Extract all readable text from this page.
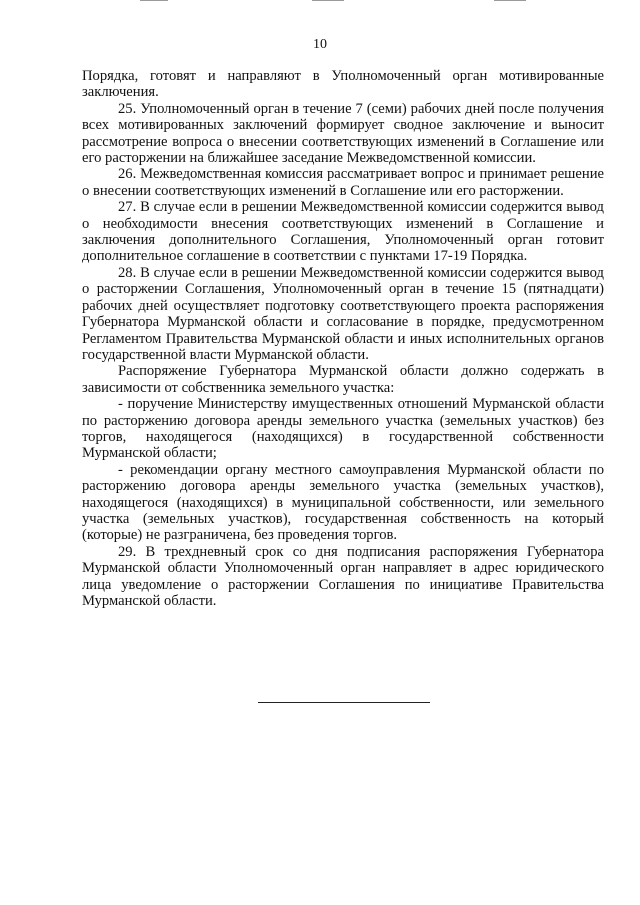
10

Порядка, готовят и направляют в Уполномоченный орган мотивированные заключения.

25. Уполномоченный орган в течение 7 (семи) рабочих дней после получения всех мотивированных заключений формирует сводное заключение и выносит рассмотрение вопроса о внесении соответствующих изменений в Соглашение или его расторжении на ближайшее заседание Межведомственной комиссии.

26. Межведомственная комиссия рассматривает вопрос и принимает решение о внесении соответствующих изменений в Соглашение или его расторжении.

27. В случае если в решении Межведомственной комиссии содержится вывод о необходимости внесения соответствующих изменений в Соглашение и заключения дополнительного Соглашения, Уполномоченный орган готовит дополнительное соглашение в соответствии с пунктами 17-19 Порядка.

28. В случае если в решении Межведомственной комиссии содержится вывод о расторжении Соглашения, Уполномоченный орган в течение 15 (пятнадцати) рабочих дней осуществляет подготовку соответствующего проекта распоряжения Губернатора Мурманской области и согласование в порядке, предусмотренном Регламентом Правительства Мурманской области и иных исполнительных органов государственной власти Мурманской области.

Распоряжение Губернатора Мурманской области должно содержать в зависимости от собственника земельного участка:

- поручение Министерству имущественных отношений Мурманской области по расторжению договора аренды земельного участка (земельных участков) без торгов, находящегося (находящихся) в государственной собственности Мурманской области;

- рекомендации органу местного самоуправления Мурманской области по расторжению договора аренды земельного участка (земельных участков), находящегося (находящихся) в муниципальной собственности, или земельного участка (земельных участков), государственная собственность на который (которые) не разграничена, без проведения торгов.

29. В трехдневный срок со дня подписания распоряжения Губернатора Мурманской области Уполномоченный орган направляет в адрес юридического лица уведомление о расторжении Соглашения по инициативе Правительства Мурманской области.
